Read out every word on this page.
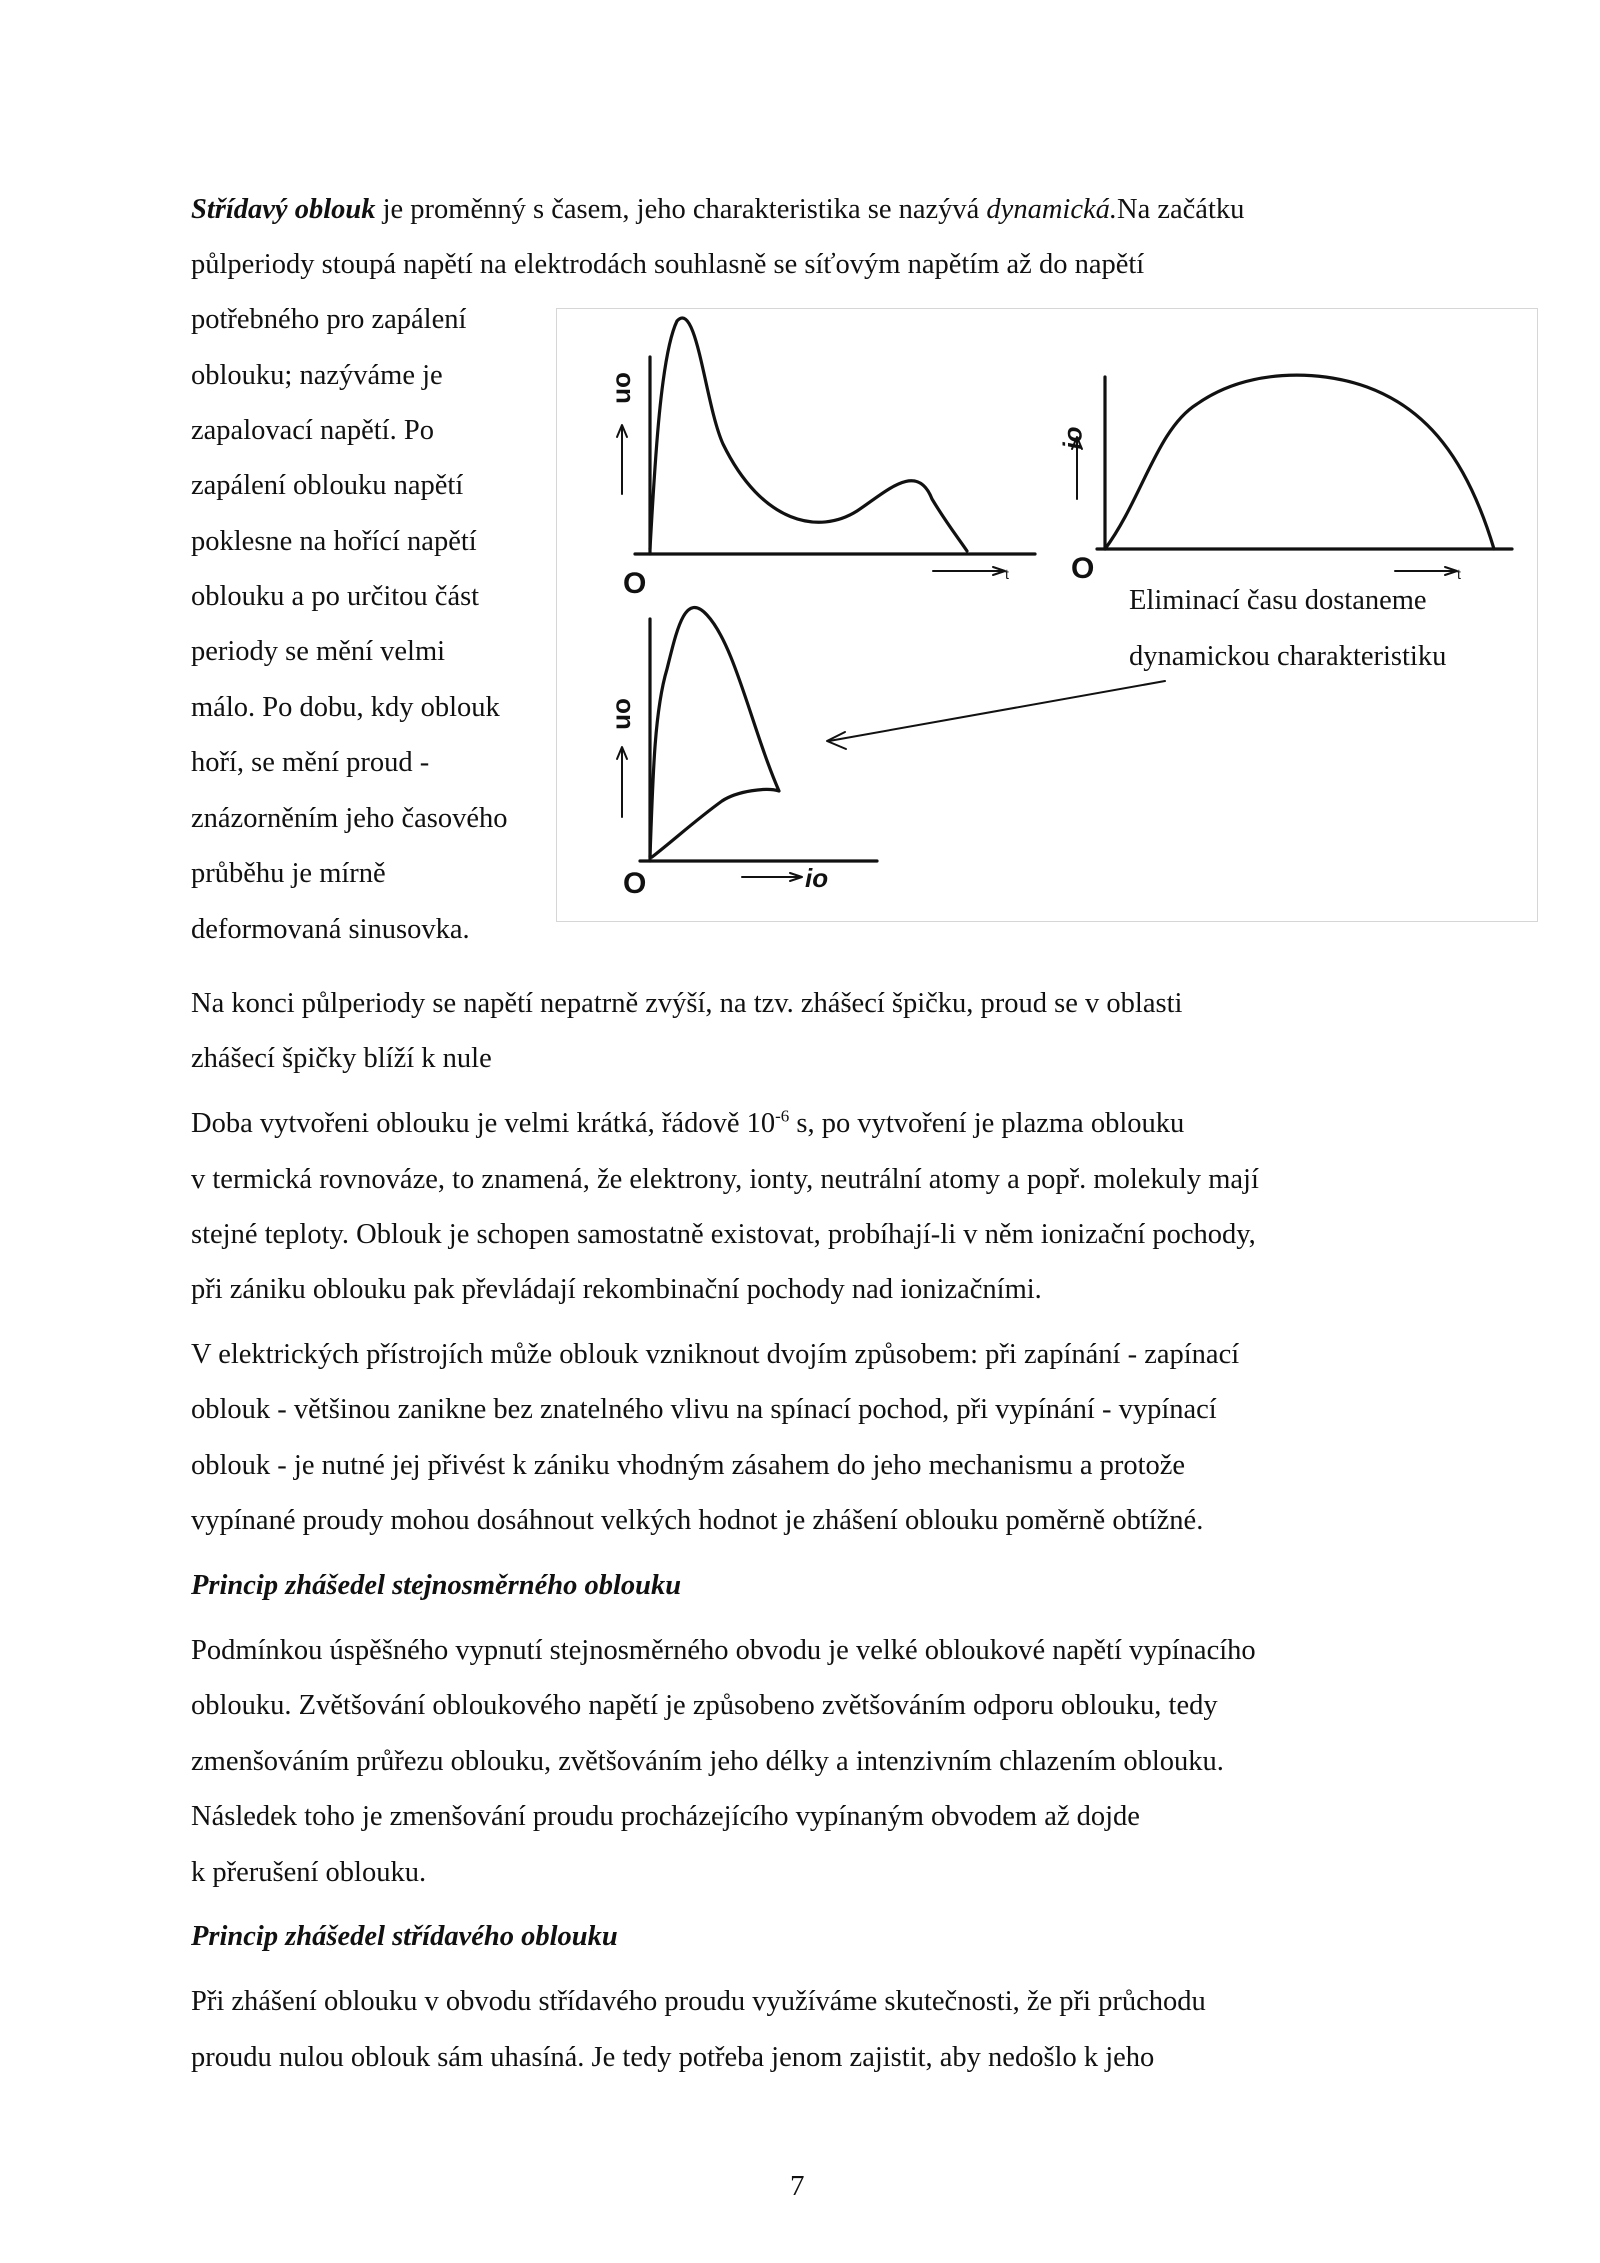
Střídavý oblouk je proměnný s časem, jeho charakteristika se nazývá dynamická.Na začátku
půlperiody stoupá napětí na elektrodách souhlasně se síťovým napětím až do napětí
potřebného pro zapálení
oblouku; nazýváme je
zapalovací napětí. Po
zapálení oblouku napětí
poklesne na hořící napětí
oblouku a po určitou část
periody se mění velmi
málo. Po dobu, kdy oblouk
hoří, se mění proud -
znázorněním jeho časového
průběhu je mírně
deformovaná sinusovka.
uo
O	t
io
O	t
uo
O	io
Eliminací času dostaneme
dynamickou charakteristiku
Na konci půlperiody se napětí nepatrně zvýší, na tzv. zhášecí špičku, proud se v oblasti
zhášecí špičky blíží k nule
Doba vytvořeni oblouku je velmi krátká, řádově $10^{-6}$ s, po vytvoření je plazma oblouku
v termická rovnováze, to znamená, že elektrony, ionty, neutrální atomy a popř. molekuly mají
stejné teploty. Oblouk je schopen samostatně existovat, probíhají-li v něm ionizační pochody,
při zániku oblouku pak převládají rekombinační pochody nad ionizačními.
V elektrických přístrojích může oblouk vzniknout dvojím způsobem: při zapínání - zapínací
oblouk - většinou zanikne bez znatelného vlivu na spínací pochod, při vypínání - vypínací
oblouk - je nutné jej přivést k zániku vhodným zásahem do jeho mechanismu a protože
vypínané proudy mohou dosáhnout velkých hodnot je zhášení oblouku poměrně obtížné.
Princip zhášedel stejnosměrného oblouku
Podmínkou úspěšného vypnutí stejnosměrného obvodu je velké obloukové napětí vypínacího
oblouku. Zvětšování obloukového napětí je způsobeno zvětšováním odporu oblouku, tedy
zmenšováním průřezu oblouku, zvětšováním jeho délky a intenzivním chlazením oblouku.
Následek toho je zmenšování proudu procházejícího vypínaným obvodem až dojde
k přerušení oblouku.
Princip zhášedel střídavého oblouku
Při zhášení oblouku v obvodu střídavého proudu využíváme skutečnosti, že při průchodu
proudu nulou oblouk sám uhasíná. Je tedy potřeba jenom zajistit, aby nedošlo k jeho
7
